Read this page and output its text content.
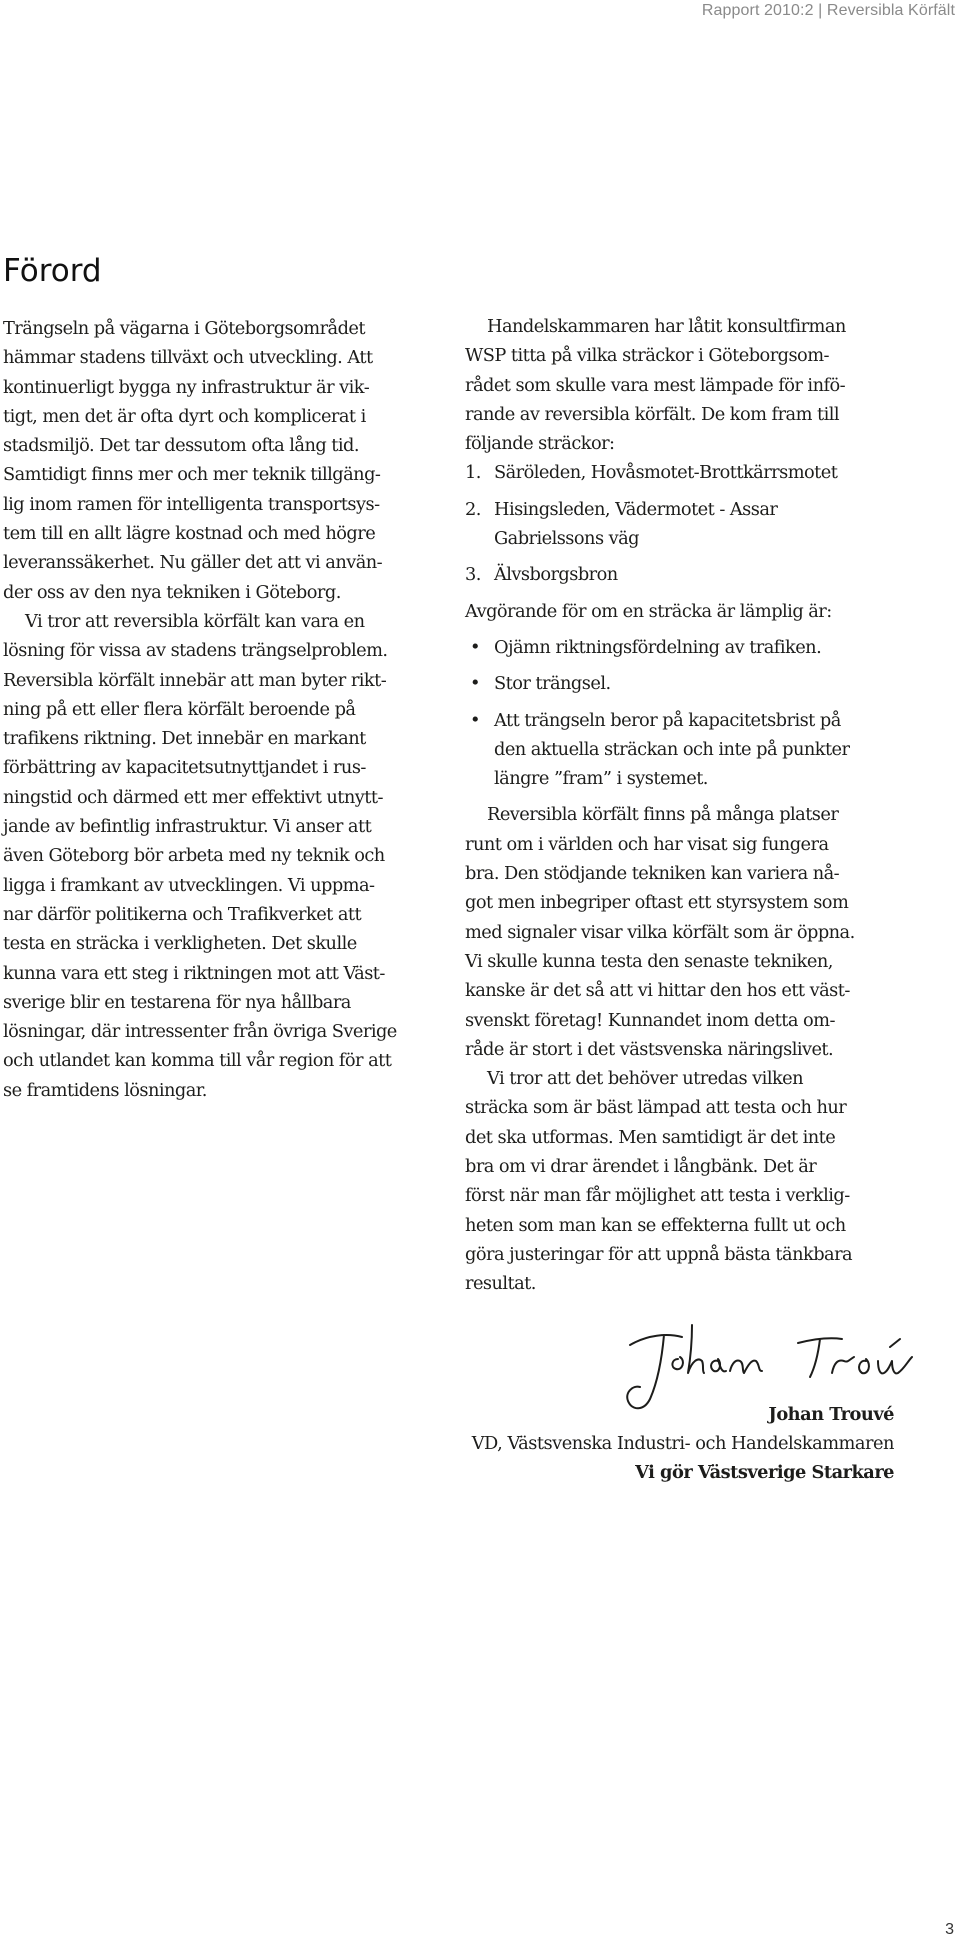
Rapport 2010:2 | Reversibla Körfält
Förord
Trängseln på vägarna i Göteborgsområdet
hämmar stadens tillväxt och utveckling. Att
kontinuerligt bygga ny infrastruktur är vik-
tigt, men det är ofta dyrt och komplicerat i
stadsmiljö. Det tar dessutom ofta lång tid.
Samtidigt finns mer och mer teknik tillgäng-
lig inom ramen för intelligenta transportsys-
tem till en allt lägre kostnad och med högre
leveranssäkerhet. Nu gäller det att vi använ-
der oss av den nya tekniken i Göteborg.
Vi tror att reversibla körfält kan vara en
lösning för vissa av stadens trängselproblem.
Reversibla körfält innebär att man byter rikt-
ning på ett eller flera körfält beroende på
trafikens riktning. Det innebär en markant
förbättring av kapacitetsutnyttjandet i rus-
ningstid och därmed ett mer effektivt utnytt-
jande av befintlig infrastruktur. Vi anser att
även Göteborg bör arbeta med ny teknik och
ligga i framkant av utvecklingen. Vi uppma-
nar därför politikerna och Trafikverket att
testa en sträcka i verkligheten. Det skulle
kunna vara ett steg i riktningen mot att Väst-
sverige blir en testarena för nya hållbara
lösningar, där intressenter från övriga Sverige
och utlandet kan komma till vår region för att
se framtidens lösningar.
Handelskammaren har låtit konsultfirman
WSP titta på vilka sträckor i Göteborgsom-
rådet som skulle vara mest lämpade för infö-
rande av reversibla körfält. De kom fram till
följande sträckor:
1. Säröleden, Hovåsmotet-Brottkärrsmotet
2. Hisingsleden, Vädermotet - Assar
Gabrielssons väg
3. Älvsborgsbron
Avgörande för om en sträcka är lämplig är:
• Ojämn riktningsfördelning av trafiken.
• Stor trängsel.
• Att trängseln beror på kapacitetsbrist på
den aktuella sträckan och inte på punkter
längre ”fram” i systemet.
Reversibla körfält finns på många platser
runt om i världen och har visat sig fungera
bra. Den stödjande tekniken kan variera nå-
got men inbegriper oftast ett styrsystem som
med signaler visar vilka körfält som är öppna.
Vi skulle kunna testa den senaste tekniken,
kanske är det så att vi hittar den hos ett väst-
svenskt företag! Kunnandet inom detta om-
råde är stort i det västsvenska näringslivet.
Vi tror att det behöver utredas vilken
sträcka som är bäst lämpad att testa och hur
det ska utformas. Men samtidigt är det inte
bra om vi drar ärendet i långbänk. Det är
först när man får möjlighet att testa i verklig-
heten som man kan se effekterna fullt ut och
göra justeringar för att uppnå bästa tänkbara
resultat.
Johan Trouvé
VD, Västsvenska Industri- och Handelskammaren
Vi gör Västsverige Starkare
3
